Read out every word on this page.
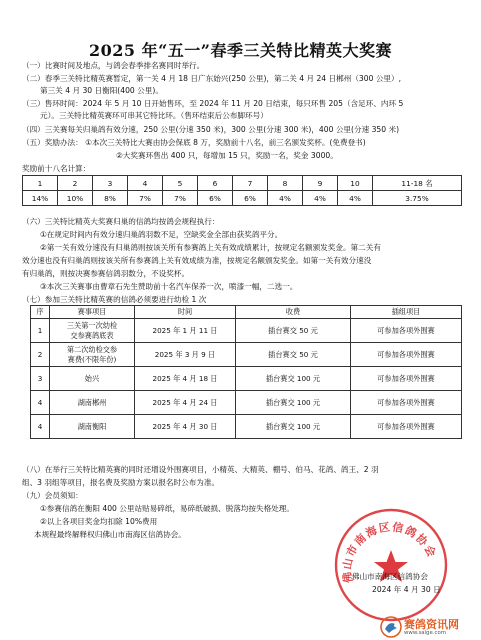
2025 年“五一”春季三关特比精英大奖赛
（一）比赛时间及地点，与鸽会春季排名赛同时举行。
（二）春季三关特比精英赛暂定，第一关 4 月 18 日广东始兴(250 公里)，第二关 4 月 24 日郴州（300 公里）,
第三关 4 月 30 日衡阳(400 公里)。
（三）售环时间：2024 年 5 月 10 日开始售环，至 2024 年 11 月 20 日结束，每只环售 205（含足环、内环 5
元）。三关特比精英赛环可串其它特比环。（售环结束后公布脚环号）
（四）三关赛每关归巢鸽有效分速，250 公里(分速 350 米)，300 公里(分速 300 米)，400 公里(分速 350 米)
（五）奖励办法： ①本次三关特比大赛由协会保底 8 万，奖励前十八名，前三名颁发奖杯。(免费登书)
②大奖赛环售出 400 只，每增加 15 只，奖励一名，奖金 3000。
奖励前十八名计算：
1	2	3	4	5	6	7	8	9	10	11-18 名
14%	10%	8%	7%	7%	6%	6%	4%	4%	4%	3.75%
（六）三关特比精英大奖赛归巢的信鸽均按鸽会规程执行：
①在规定时间内有效分速归巢鸽羽数不足，空缺奖金全部由获奖鸽平分。
②第一关有效分速没有归巢鸽则按该关所有参赛鸽上关有效成绩累计，按规定名额颁发奖金。第二关有
效分速也没有归巢鸽则按该关所有参赛鸽上关有效成绩为准，按规定名额颁发奖金。如第一关有效分速没
有归巢鸽，则按决赛参赛信鸽羽数分，不设奖杯。
③本次三关赛事由曹章石先生赞助前十名汽车保养一次，喷漆一幅，二选一。
（七）参加三关特比精英赛的信鸽必须要进行幼检 1 次
序	赛事项目	时间	收费	插组项目
1	三关第一次幼检
交参赛鸽底表	2025 年 1 月 11 日	插台赛交 50 元	可参加各项外围赛
2	第二次幼检交参
赛费(不限年份)	2025 年 3 月 9 日	插台赛交 50 元	可参加各项外围赛
3	始兴	2025 年 4 月 18 日	插台赛交 100 元	可参加各项外围赛
4	湖南郴州	2025 年 4 月 24 日	插台赛交 100 元	可参加各项外围赛
4	湖南衡阳	2025 年 4 月 30 日	插台赛交 100 元	可参加各项外围赛
（八）在举行三关特比精英赛的同时还增设外围赛项目，小精英、大精英、棚号、伯马、花鸽、鸽王、2 羽
组、3 羽组等项目，报名费及奖励方案以报名时公布为准。
（九）会员须知：
①参赛信鸽在衡阳 400 公里站贴易碎纸，易碎纸破损、脱落均按失格处理。
②以上各项目奖金均扣除 10%费用
本规程最终解释权归佛山市南海区信鸽协会。
佛山市南海区信鸽协会
佛山市南海区信鸽协会
2024 年 4 月 30 日
赛鸽资讯网
www.saige.com
